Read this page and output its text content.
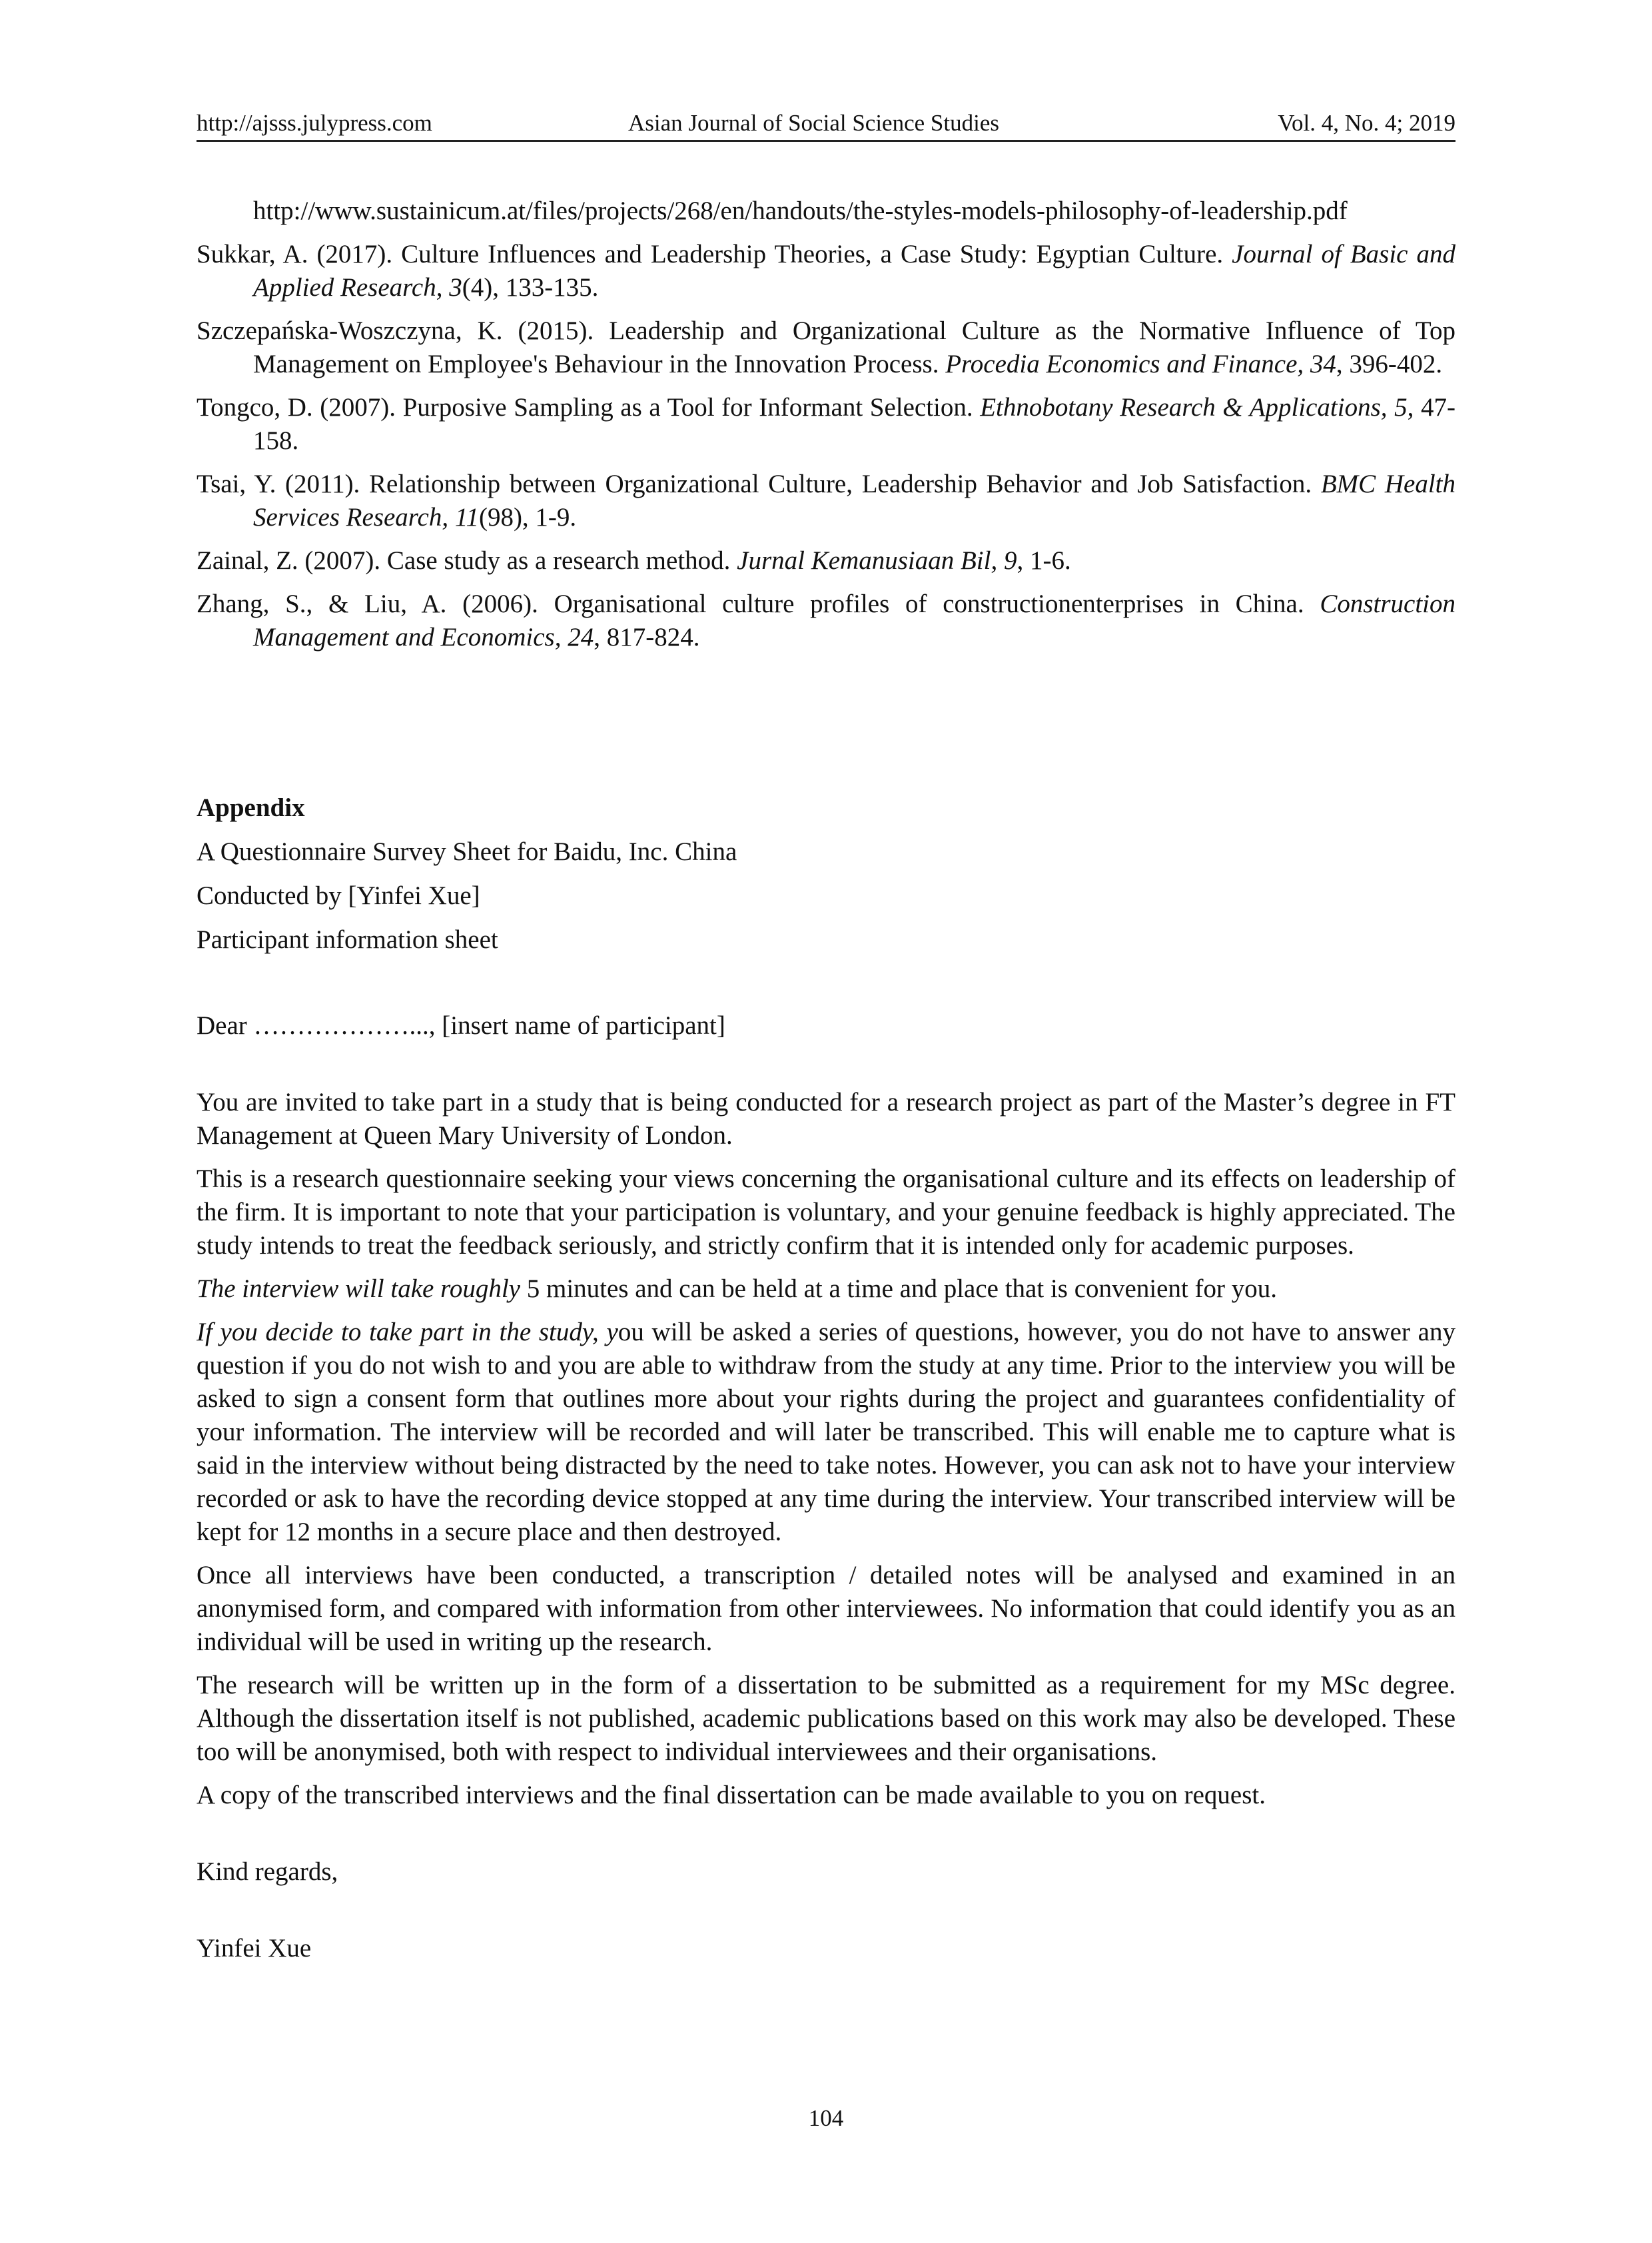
http://ajsss.julypress.com	Asian Journal of Social Science Studies	Vol. 4, No. 4; 2019

http://www.sustainicum.at/files/projects/268/en/handouts/the-styles-models-philosophy-of-leadership.pdf

Sukkar, A. (2017). Culture Influences and Leadership Theories, a Case Study: Egyptian Culture. Journal of Basic and Applied Research, 3(4), 133-135.

Szczepańska-Woszczyna, K. (2015). Leadership and Organizational Culture as the Normative Influence of Top Management on Employee's Behaviour in the Innovation Process. Procedia Economics and Finance, 34, 396-402.

Tongco, D. (2007). Purposive Sampling as a Tool for Informant Selection. Ethnobotany Research & Applications, 5, 47-158.

Tsai, Y. (2011). Relationship between Organizational Culture, Leadership Behavior and Job Satisfaction. BMC Health Services Research, 11(98), 1-9.

Zainal, Z. (2007). Case study as a research method. Jurnal Kemanusiaan Bil, 9, 1-6.

Zhang, S., & Liu, A. (2006). Organisational culture profiles of constructionenterprises in China. Construction Management and Economics, 24, 817-824.

Appendix

A Questionnaire Survey Sheet for Baidu, Inc. China

Conducted by [Yinfei Xue]

Participant information sheet

Dear ………………..., [insert name of participant]

You are invited to take part in a study that is being conducted for a research project as part of the Master’s degree in FT Management at Queen Mary University of London.

This is a research questionnaire seeking your views concerning the organisational culture and its effects on leadership of the firm. It is important to note that your participation is voluntary, and your genuine feedback is highly appreciated. The study intends to treat the feedback seriously, and strictly confirm that it is intended only for academic purposes.

The interview will take roughly 5 minutes and can be held at a time and place that is convenient for you.

If you decide to take part in the study, you will be asked a series of questions, however, you do not have to answer any question if you do not wish to and you are able to withdraw from the study at any time. Prior to the interview you will be asked to sign a consent form that outlines more about your rights during the project and guarantees confidentiality of your information. The interview will be recorded and will later be transcribed. This will enable me to capture what is said in the interview without being distracted by the need to take notes. However, you can ask not to have your interview recorded or ask to have the recording device stopped at any time during the interview. Your transcribed interview will be kept for 12 months in a secure place and then destroyed.

Once all interviews have been conducted, a transcription / detailed notes will be analysed and examined in an anonymised form, and compared with information from other interviewees. No information that could identify you as an individual will be used in writing up the research.

The research will be written up in the form of a dissertation to be submitted as a requirement for my MSc degree. Although the dissertation itself is not published, academic publications based on this work may also be developed. These too will be anonymised, both with respect to individual interviewees and their organisations.

A copy of the transcribed interviews and the final dissertation can be made available to you on request.

Kind regards,

Yinfei Xue

104
